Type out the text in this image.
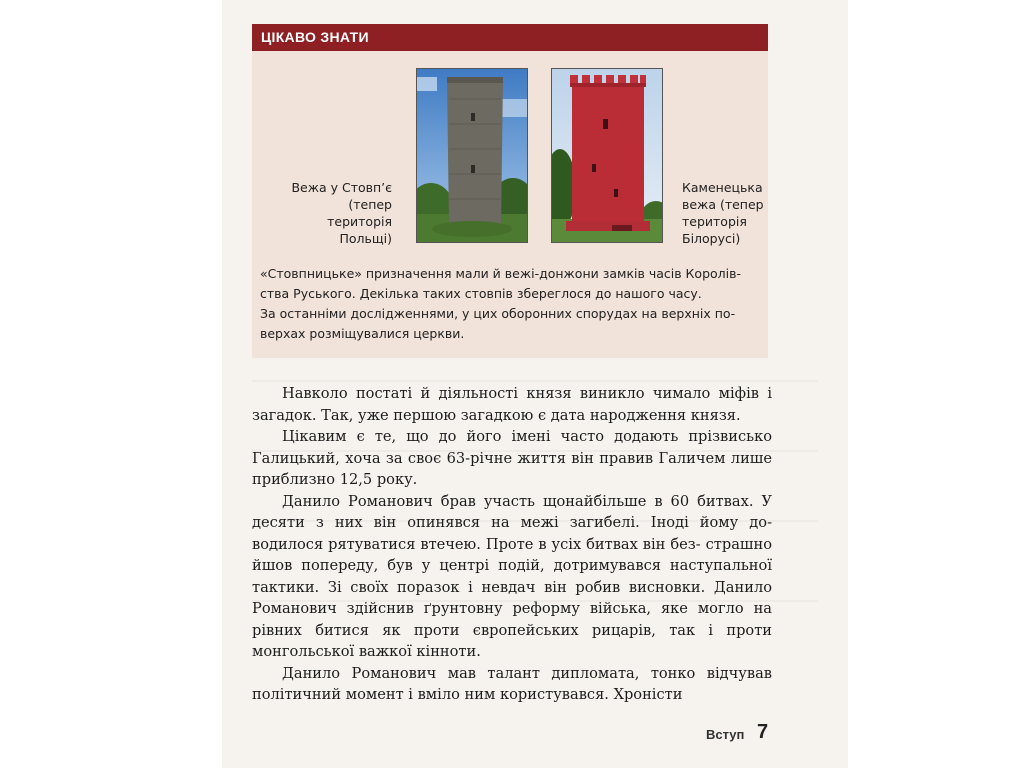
ЦІКАВО ЗНАТИ
Вежа у Стовп’є
(тепер
територія
Польщі)
Каменецька
вежа (тепер
територія
Білорусі)

«Стовпницьке» призначення мали й вежі-донжони замків часів Королів-

ства Руського. Декілька таких стовпів збереглося до нашого часу.

За останніми дослідженнями, у цих оборонних спорудах на верхніх по-

верхах розміщувалися церкви.

Навколо постаті й діяльності князя виникло чимало міфів і загадок. Так, уже першою загадкою є дата народження князя.

Цікавим є те, що до його імені часто додають прізвисько Галицький, хоча за своє 63-річне життя він правив Галичем лише приблизно 12,5 року.

Данило Романович брав участь щонайбільше в 60 битвах. У десяти з них він опинявся на межі загибелі. Іноді йому до- водилося рятуватися втечею. Проте в усіх битвах він без- страшно йшов попереду, був у центрі подій, дотримувався наступальної тактики. Зі своїх поразок і невдач він робив висновки. Данило Романович здійснив ґрунтовну реформу війська, яке могло на рівних битися як проти європейських рицарів, так і проти монгольської важкої кінноти.

Данило Романович мав талант дипломата, тонко відчував політичний момент і вміло ним користувався. Хроністи

Вступ 7
